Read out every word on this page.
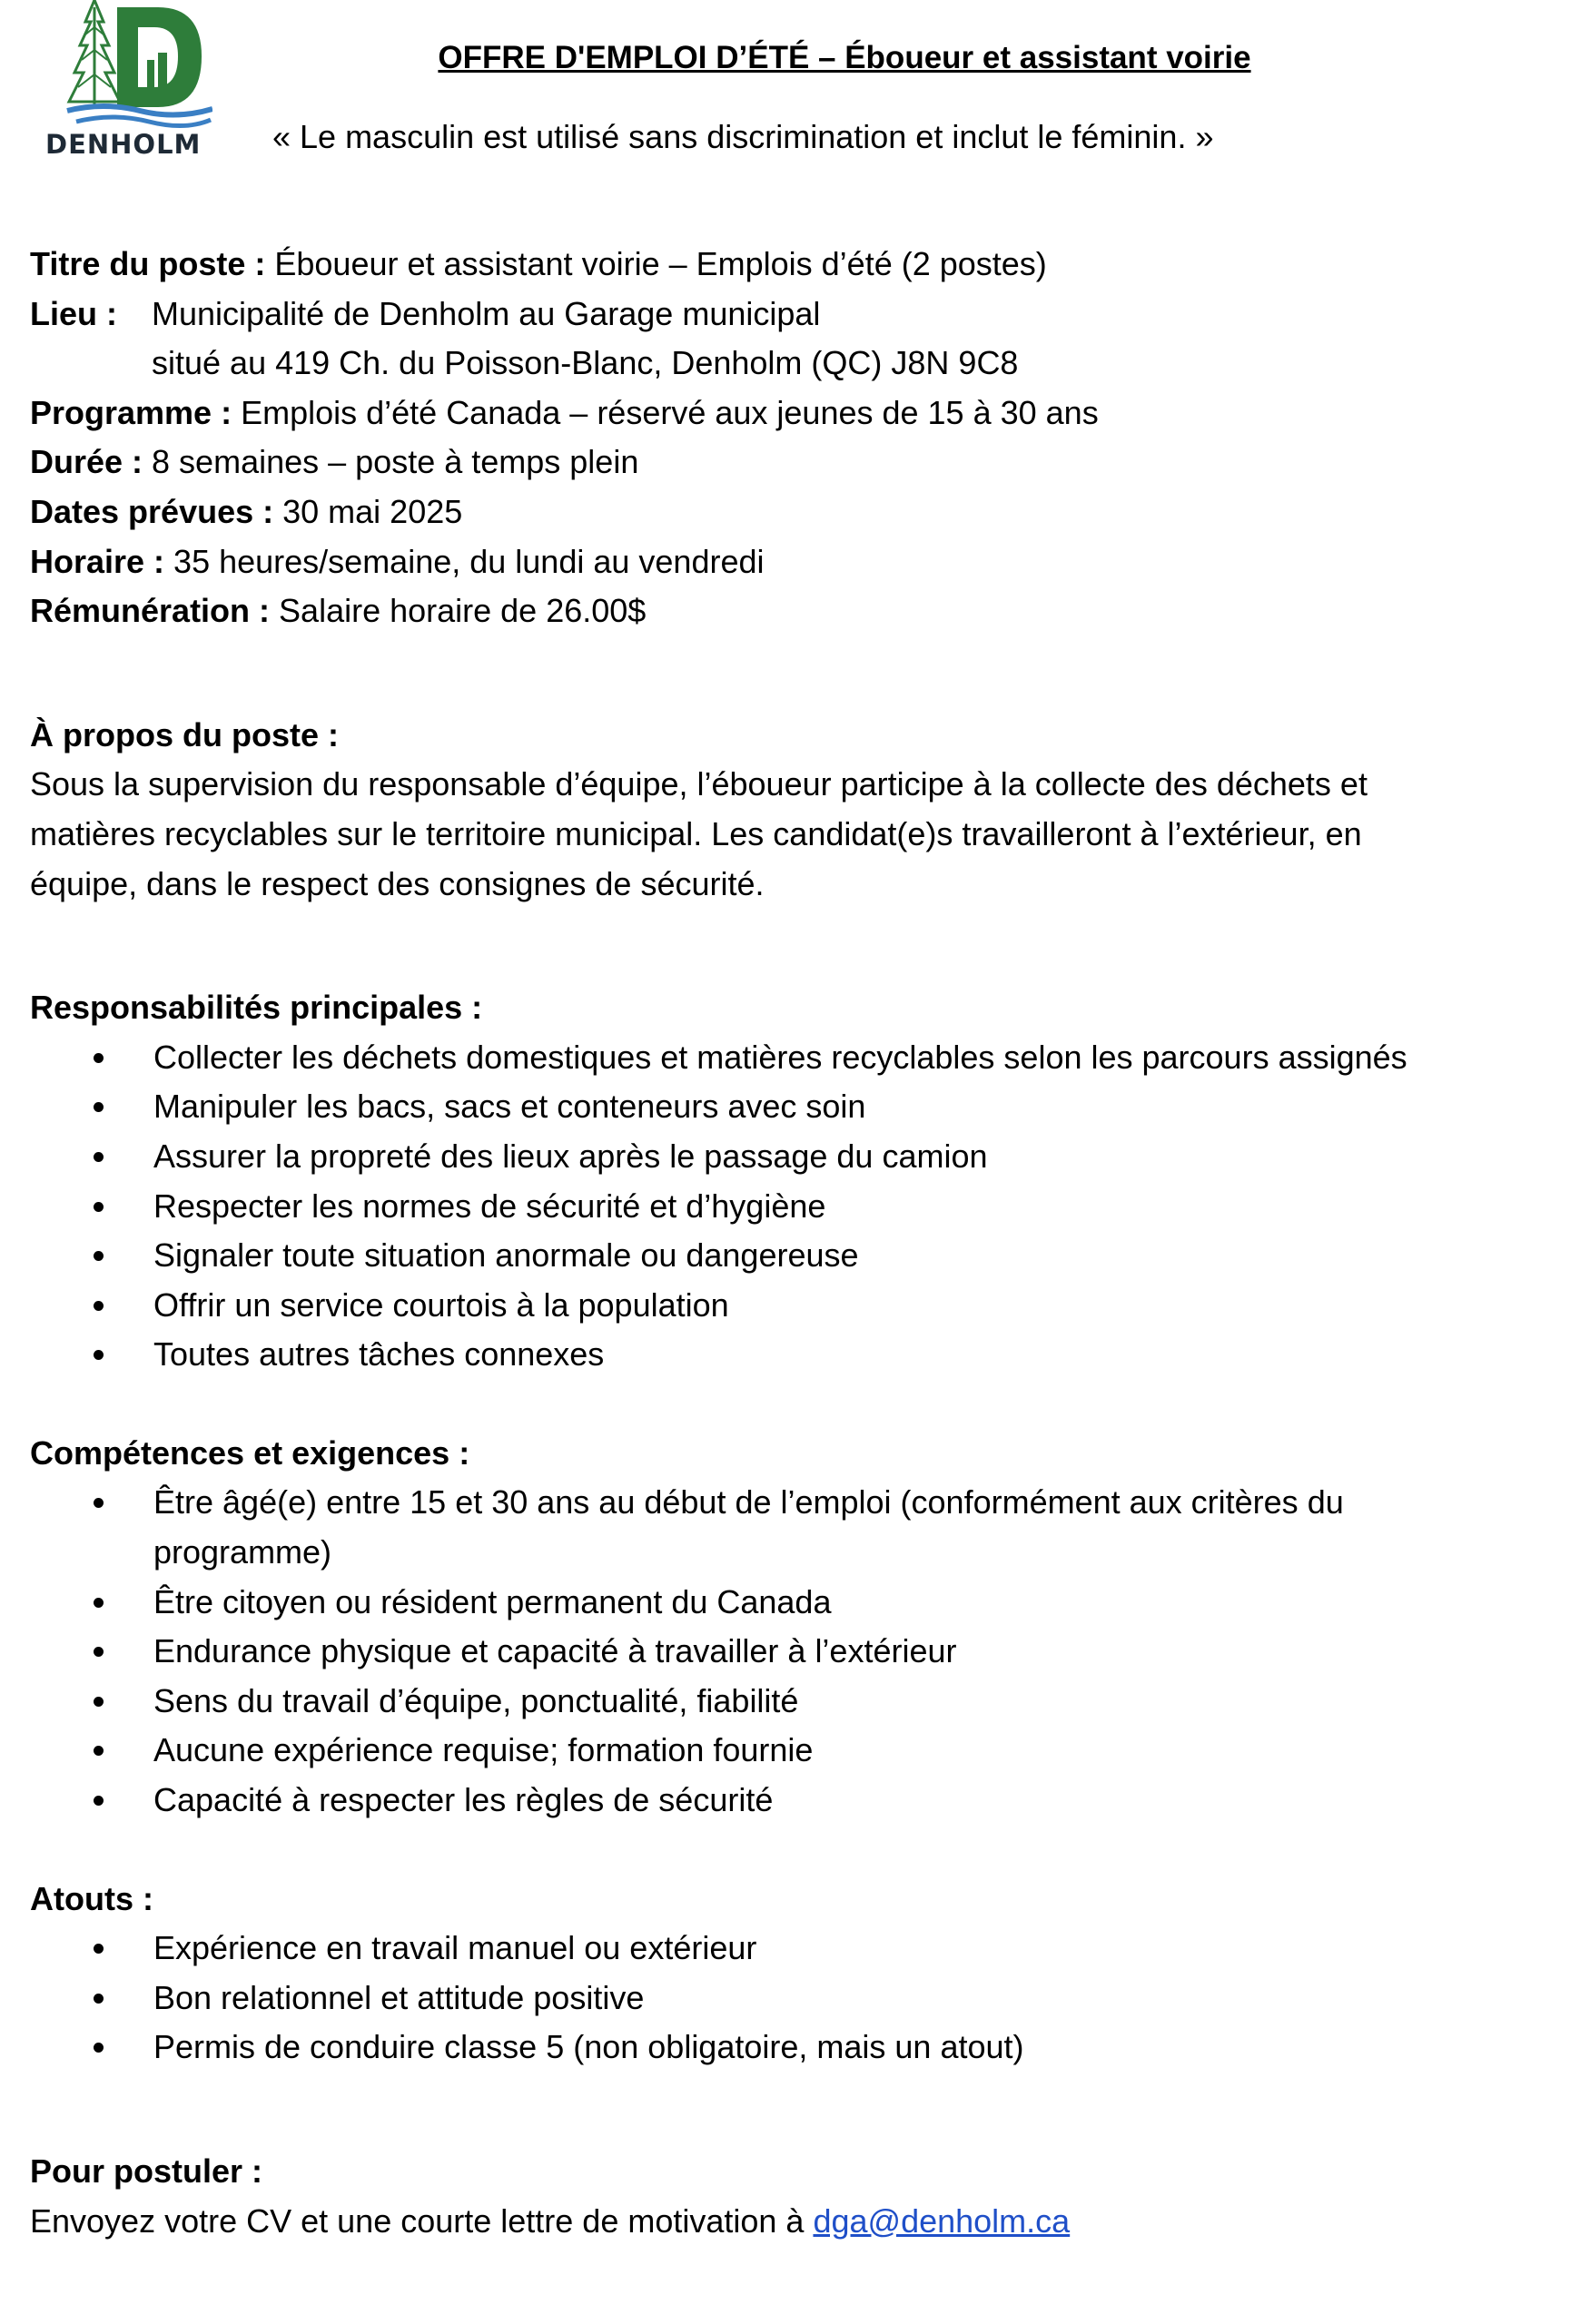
DENHOLM
OFFRE D'EMPLOI D’ÉTÉ – Éboueur et assistant voirie
« Le masculin est utilisé sans discrimination et inclut le féminin. »
Titre du poste : Éboueur et assistant voirie – Emplois d’été (2 postes)
Lieu : Municipalité de Denholm au Garage municipal
situé au 419 Ch. du Poisson-Blanc, Denholm (QC) J8N 9C8
Programme : Emplois d’été Canada – réservé aux jeunes de 15 à 30 ans
Durée : 8 semaines – poste à temps plein
Dates prévues : 30 mai 2025
Horaire : 35 heures/semaine, du lundi au vendredi
Rémunération : Salaire horaire de 26.00$
À propos du poste :
Sous la supervision du responsable d’équipe, l’éboueur participe à la collecte des déchets et
matières recyclables sur le territoire municipal. Les candidat(e)s travailleront à l’extérieur, en
équipe, dans le respect des consignes de sécurité.
Responsabilités principales :
Collecter les déchets domestiques et matières recyclables selon les parcours assignés
Manipuler les bacs, sacs et conteneurs avec soin
Assurer la propreté des lieux après le passage du camion
Respecter les normes de sécurité et d’hygiène
Signaler toute situation anormale ou dangereuse
Offrir un service courtois à la population
Toutes autres tâches connexes
Compétences et exigences :
Être âgé(e) entre 15 et 30 ans au début de l’emploi (conformément aux critères du programme)
Être citoyen ou résident permanent du Canada
Endurance physique et capacité à travailler à l’extérieur
Sens du travail d’équipe, ponctualité, fiabilité
Aucune expérience requise; formation fournie
Capacité à respecter les règles de sécurité
Atouts :
Expérience en travail manuel ou extérieur
Bon relationnel et attitude positive
Permis de conduire classe 5 (non obligatoire, mais un atout)
Pour postuler :
Envoyez votre CV et une courte lettre de motivation à dga@denholm.ca
